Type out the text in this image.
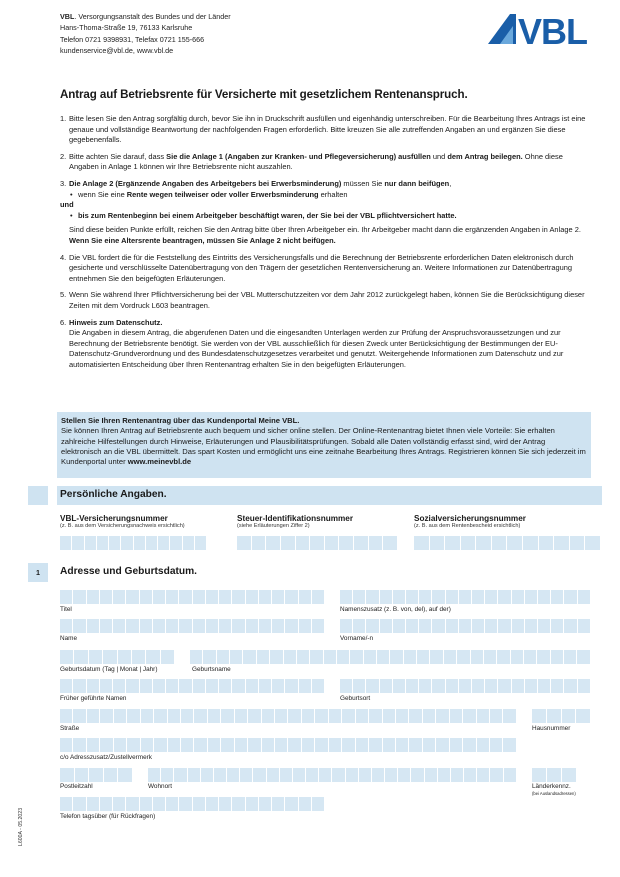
VBL. Versorgungsanstalt des Bundes und der Länder
Hans-Thoma-Straße 19, 76133 Karlsruhe
Telefon 0721 9398931, Telefax 0721 155-666
kundenservice@vbl.de, www.vbl.de	VBL
Antrag auf Betriebsrente für Versicherte mit gesetzlichem Rentenanspruch.
1. Bitte lesen Sie den Antrag sorgfältig durch, bevor Sie ihn in Druckschrift ausfüllen und eigenhändig unterschreiben. Für die Bearbeitung Ihres Antrags ist eine genaue und vollständige Beantwortung der nachfolgenden Fragen erforderlich. Bitte kreuzen Sie alle zutreffenden Angaben an und ergänzen Sie diese gegebenenfalls.
2. Bitte achten Sie darauf, dass Sie die Anlage 1 (Angaben zur Kranken- und Pflegeversicherung) ausfüllen und dem Antrag beilegen. Ohne diese Angaben in Anlage 1 können wir Ihre Betriebsrente nicht auszahlen.
3. Die Anlage 2 (Ergänzende Angaben des Arbeitgebers bei Erwerbsminderung) müssen Sie nur dann beifügen,
• wenn Sie eine Rente wegen teilweiser oder voller Erwerbsminderung erhalten
und
• bis zum Rentenbeginn bei einem Arbeitgeber beschäftigt waren, der Sie bei der VBL pflichtversichert hatte.
Sind diese beiden Punkte erfüllt, reichen Sie den Antrag bitte über Ihren Arbeitgeber ein. Ihr Arbeitgeber macht dann die ergänzenden Angaben in Anlage 2. Wenn Sie eine Altersrente beantragen, müssen Sie Anlage 2 nicht beifügen.
4. Die VBL fordert die für die Feststellung des Eintritts des Versicherungsfalls und die Berechnung der Betriebsrente erforderlichen Daten elektronisch durch gesicherte und verschlüsselte Datenübertragung von den Trägern der gesetzlichen Rentenversicherung an. Weitere Informationen zur Datenübertragung entnehmen Sie den beigefügten Erläuterungen.
5. Wenn Sie während Ihrer Pflichtversicherung bei der VBL Mutterschutzzeiten vor dem Jahr 2012 zurückgelegt haben, können Sie die Berücksichtigung dieser Zeiten mit dem Vordruck L603 beantragen.
6. Hinweis zum Datenschutz.
Die Angaben in diesem Antrag, die abgerufenen Daten und die eingesandten Unterlagen werden zur Prüfung der Anspruchsvoraussetzungen und zur Berechnung der Betriebsrente benötigt. Sie werden von der VBL ausschließlich für diesen Zweck unter Berücksichtigung der Bestimmungen der EU-Datenschutz-Grundverordnung und des Bundesdatenschutzgesetzes verarbeitet und genutzt. Weitergehende Informationen zum Datenschutz und zur automatisierten Entscheidung über Ihren Rentenantrag erhalten Sie in den beigefügten Erläuterungen.
Stellen Sie Ihren Rentenantrag über das Kundenportal Meine VBL.
Sie können Ihren Antrag auf Betriebsrente auch bequem und sicher online stellen. Der Online-Rentenantrag bietet Ihnen viele Vorteile: Sie erhalten zahlreiche Hilfestellungen durch Hinweise, Erläuterungen und Plausibilitätsprüfungen. Sobald alle Daten vollständig erfasst sind, wird der Antrag elektronisch an die VBL übermittelt. Das spart Kosten und ermöglicht uns eine zeitnahe Bearbeitung Ihres Antrags. Registrieren können Sie sich jederzeit im Kundenportal unter www.meinevbl.de
Persönliche Angaben.
VBL-Versicherungsnummer
(z. B. aus dem Versicherungsnachweis ersichtlich)
Steuer-Identifikationsnummer
(siehe Erläuterungen Ziffer 2)
Sozialversicherungsnummer
(z. B. aus dem Rentenbescheid ersichtlich)
1	Adresse und Geburtsdatum.
Titel	Namenszusatz (z. B. von, del), auf der)
Name	Vorname/-n
Geburtsdatum (Tag | Monat | Jahr)	Geburtsname
Früher geführte Namen	Geburtsort
Straße	Hausnummer
c/o Adresszusatz/Zustellvermerk
Postleitzahl	Wohnort	Länderkennz.
(bei Auslandsadressen)
Telefon tagsüber (für Rückfragen)
L600A - 05.2023
